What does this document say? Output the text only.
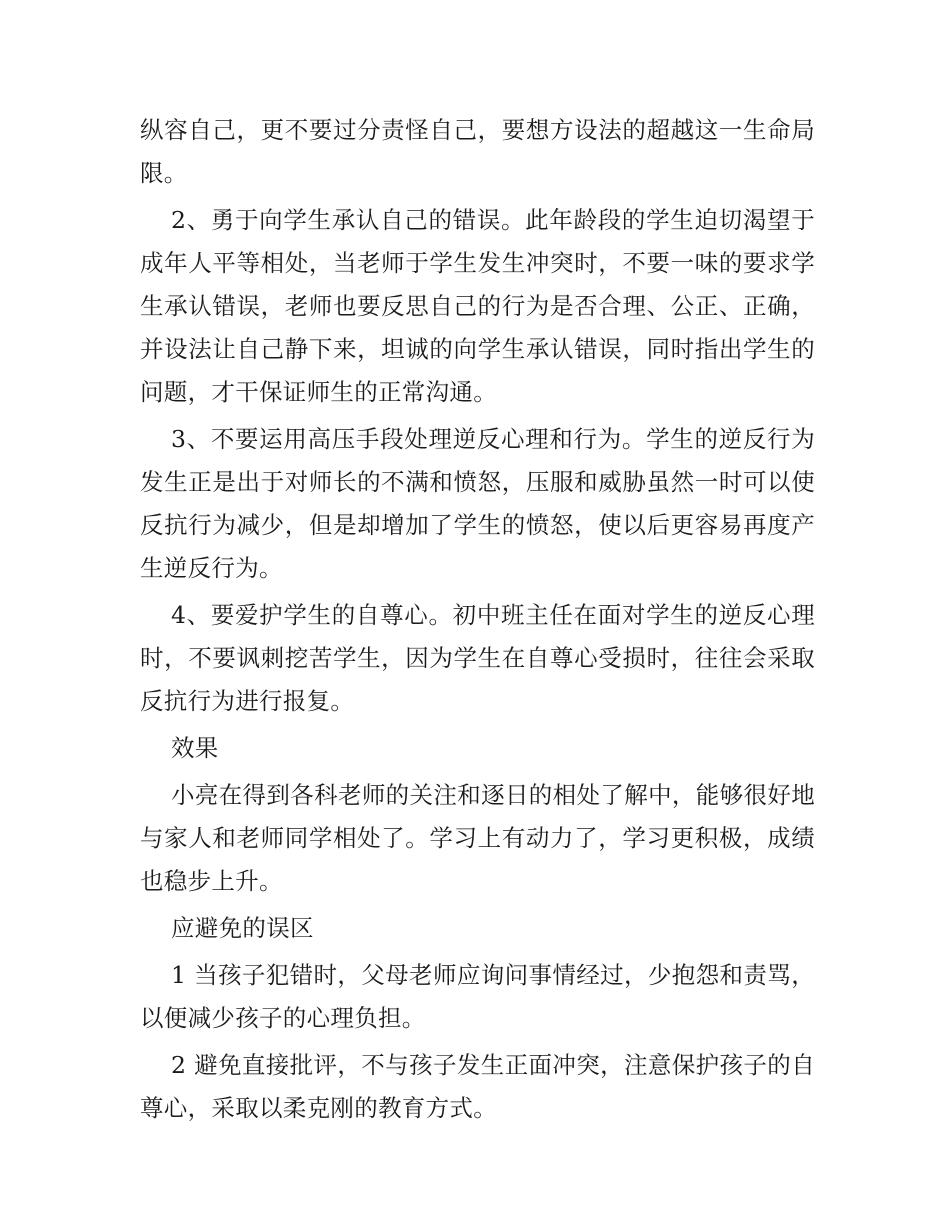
纵容自己，更不要过分责怪自己，要想方设法的超越这一生命局限。

2、勇于向学生承认自己的错误。此年龄段的学生迫切渴望于成年人平等相处，当老师于学生发生冲突时，不要一味的要求学生承认错误，老师也要反思自己的行为是否合理、公正、正确，并设法让自己静下来，坦诚的向学生承认错误，同时指出学生的问题，才干保证师生的正常沟通。

3、不要运用高压手段处理逆反心理和行为。学生的逆反行为发生正是出于对师长的不满和愤怒，压服和威胁虽然一时可以使反抗行为减少，但是却增加了学生的愤怒，使以后更容易再度产生逆反行为。

4、要爱护学生的自尊心。初中班主任在面对学生的逆反心理时，不要讽刺挖苦学生，因为学生在自尊心受损时，往往会采取反抗行为进行报复。

效果

小亮在得到各科老师的关注和逐日的相处了解中，能够很好地与家人和老师同学相处了。学习上有动力了，学习更积极，成绩也稳步上升。

应避免的误区

1 当孩子犯错时，父母老师应询问事情经过，少抱怨和责骂，以便减少孩子的心理负担。

2 避免直接批评，不与孩子发生正面冲突，注意保护孩子的自尊心，采取以柔克刚的教育方式。
